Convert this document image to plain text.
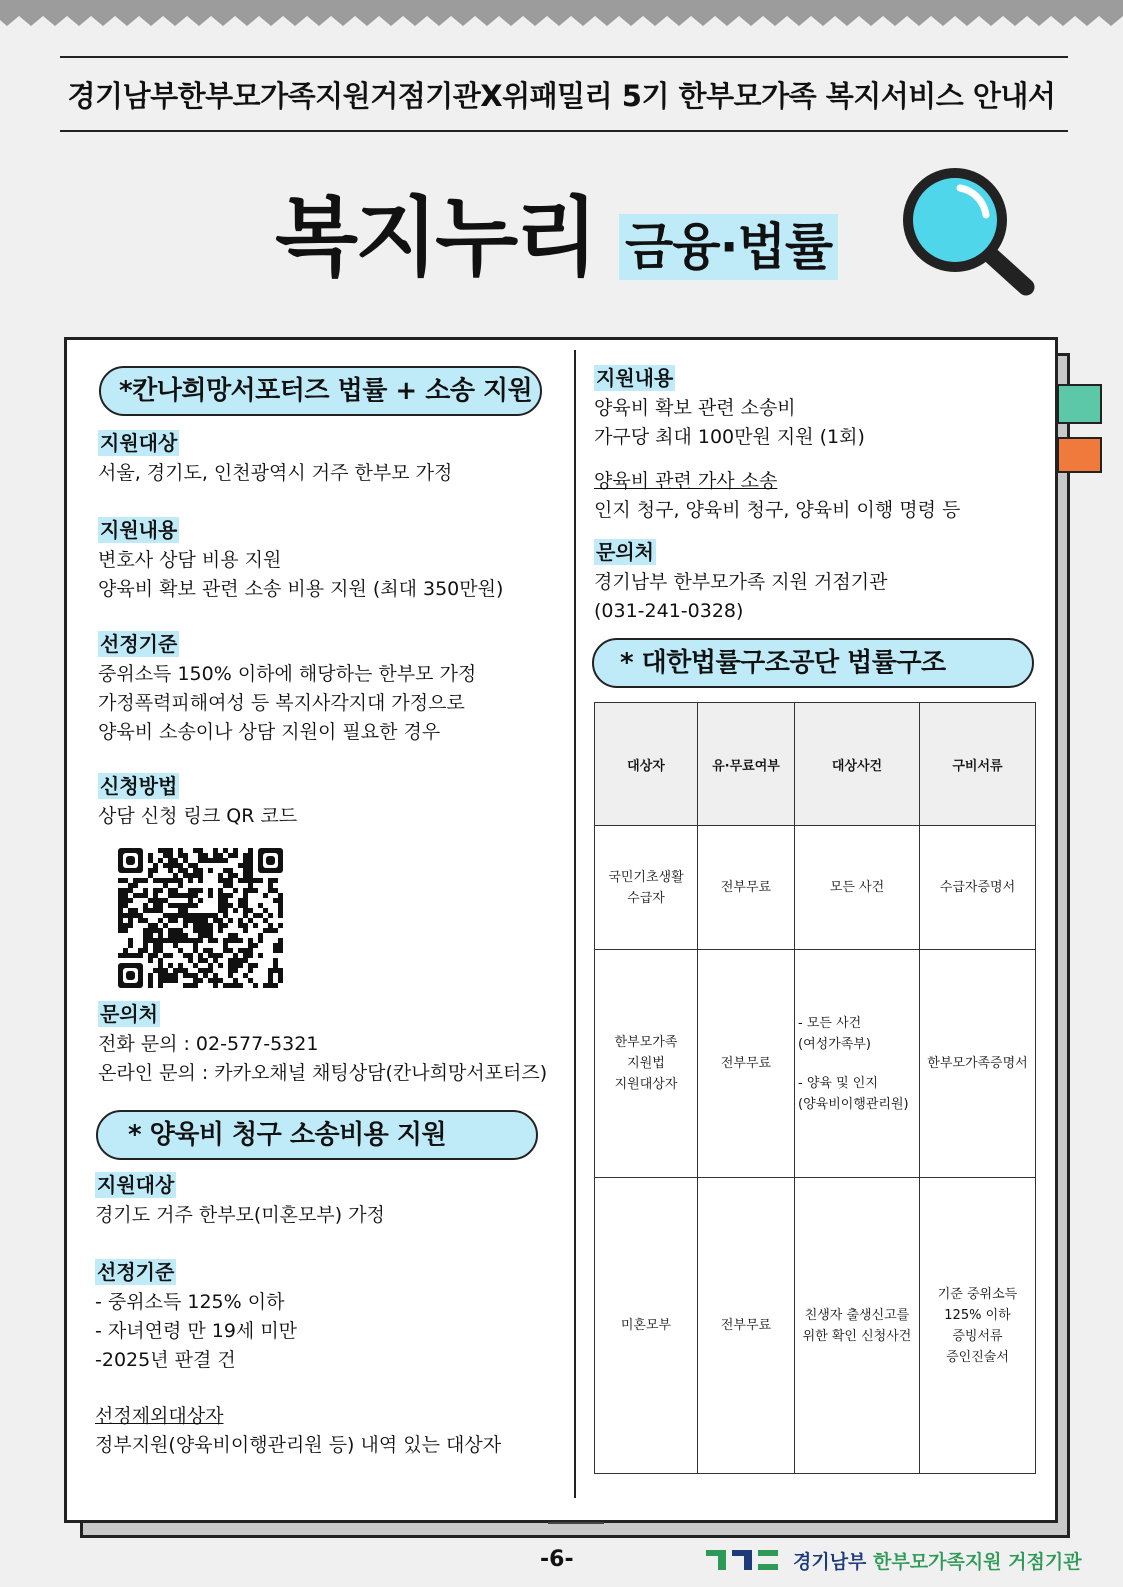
경기남부한부모가족지원거점기관X위패밀리 5기 한부모가족 복지서비스 안내서
복지누리 금융·법률
*칸나희망서포터즈 법률 + 소송 지원
지원대상
서울, 경기도, 인천광역시 거주 한부모 가정
지원내용
변호사 상담 비용 지원
양육비 확보 관련 소송 비용 지원 (최대 350만원)
선정기준
중위소득 150% 이하에 해당하는 한부모 가정
가정폭력피해여성 등 복지사각지대 가정으로
양육비 소송이나 상담 지원이 필요한 경우
신청방법
상담 신청 링크 QR 코드
문의처
전화 문의 : 02-577-5321
온라인 문의 : 카카오채널 채팅상담(칸나희망서포터즈)
* 양육비 청구 소송비용 지원
지원대상
경기도 거주 한부모(미혼모부) 가정
선정기준
- 중위소득 125% 이하
- 자녀연령 만 19세 미만
-2025년 판결 건
선정제외대상자
정부지원(양육비이행관리원 등) 내역 있는 대상자
지원내용
양육비 확보 관련 소송비
가구당 최대 100만원 지원 (1회)
양육비 관련 가사 소송
인지 청구, 양육비 청구, 양육비 이행 명령 등
문의처
경기남부 한부모가족 지원 거점기관
(031-241-0328)
* 대한법률구조공단 법률구조
대상자	유·무료여부	대상사건	구비서류

국민기초생활
수급자	전부무료	모든 사건	수급자증명서

한부모가족
지원법
지원대상자	전부무료	- 모든 사건
(여성가족부)
- 양육 및 인지
(양육비이행관리원)	한부모가족증명서

미혼모부	전부무료	친생자 출생신고를
위한 확인 신청사건	기준 중위소득
125% 이하
증빙서류
증인진술서
-6-	경기남부 한부모가족지원 거점기관
